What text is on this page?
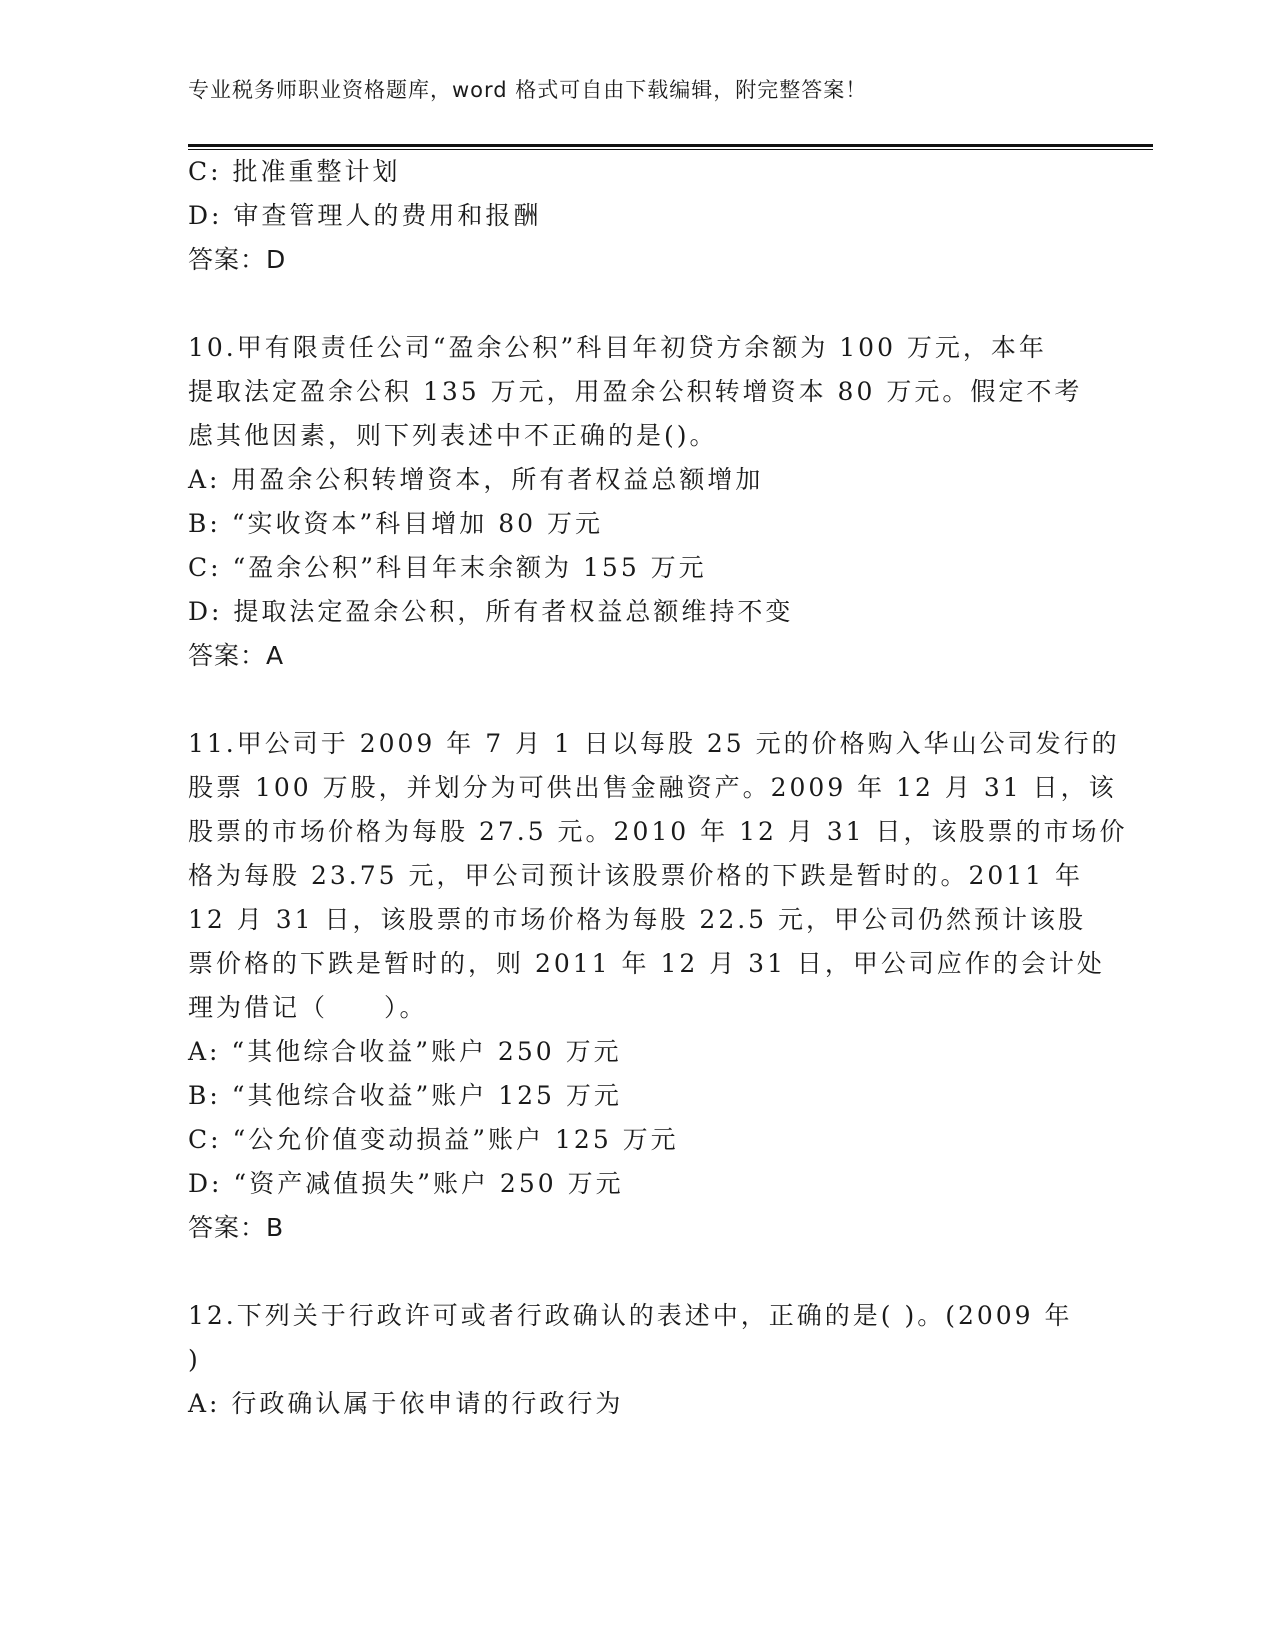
专业税务师职业资格题库，word 格式可自由下载编辑，附完整答案！
C: 批准重整计划
D: 审查管理人的费用和报酬
答案：D
10.甲有限责任公司“盈余公积”科目年初贷方余额为 100 万元，本年
提取法定盈余公积 135 万元，用盈余公积转增资本 80 万元。假定不考
虑其他因素，则下列表述中不正确的是()。
A: 用盈余公积转增资本，所有者权益总额增加
B: “实收资本”科目增加 80 万元
C: “盈余公积”科目年末余额为 155 万元
D: 提取法定盈余公积，所有者权益总额维持不变
答案：A
11.甲公司于 2009 年 7 月 1 日以每股 25 元的价格购入华山公司发行的
股票 100 万股，并划分为可供出售金融资产。2009 年 12 月 31 日，该
股票的市场价格为每股 27.5 元。2010 年 12 月 31 日，该股票的市场价
格为每股 23.75 元，甲公司预计该股票价格的下跌是暂时的。2011 年
12 月 31 日，该股票的市场价格为每股 22.5 元，甲公司仍然预计该股
票价格的下跌是暂时的，则 2011 年 12 月 31 日，甲公司应作的会计处
理为借记（　　）。
A: “其他综合收益”账户 250 万元
B: “其他综合收益”账户 125 万元
C: “公允价值变动损益”账户 125 万元
D: “资产减值损失”账户 250 万元
答案：B
12.下列关于行政许可或者行政确认的表述中，正确的是( )。(2009 年
)
A: 行政确认属于依申请的行政行为
